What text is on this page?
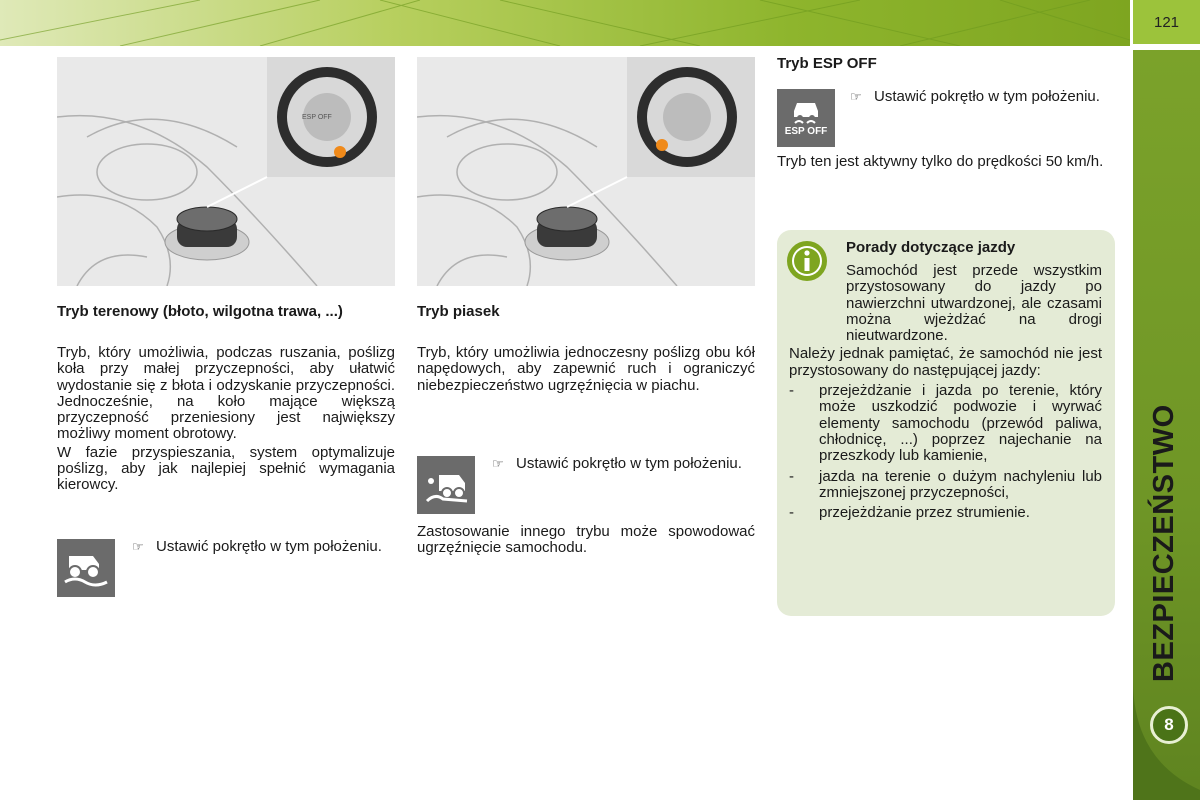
121
BEZPIECZEŃSTWO
8
ESP OFF
Tryb terenowy (błoto, wilgotna trawa, ...)

Tryb, który umożliwia, podczas ruszania, poślizg koła przy małej przyczepności, aby ułatwić wydostanie się z błota i odzyskanie przyczepności. Jednocześnie, na koło mające większą przyczepność przeniesiony jest największy możliwy moment obrotowy.

W fazie przyspieszania, system optymalizuje poślizg, aby jak najlepiej spełnić wymagania kierowcy.

☞ Ustawić pokrętło w tym położeniu.
Tryb piasek
Tryb, który umożliwia jednoczesny poślizg obu kół napędowych, aby zapewnić ruch i ograniczyć niebezpieczeństwo ugrzęźnięcia w piachu.
☞ Ustawić pokrętło w tym położeniu.
Zastosowanie innego trybu może spowodować ugrzęźnięcie samochodu.
Tryb ESP OFF
ESP OFF
☞ Ustawić pokrętło w tym położeniu.
Tryb ten jest aktywny tylko do prędkości 50 km/h.
Porady dotyczące jazdy

Samochód jest przede wszystkim przystosowany do jazdy po nawierzchni utwardzonej, ale czasami można wjeżdżać na drogi nieutwardzone.

Należy jednak pamiętać, że samochód nie jest przystosowany do następującej jazdy:

-	przejeżdżanie i jazda po terenie, który może uszkodzić podwozie i wyrwać elementy samochodu (przewód paliwa, chłodnicę, ...) poprzez najechanie na przeszkody lub kamienie,
-	jazda na terenie o dużym nachyleniu lub zmniejszonej przyczepności,
-	przejeżdżanie przez strumienie.
